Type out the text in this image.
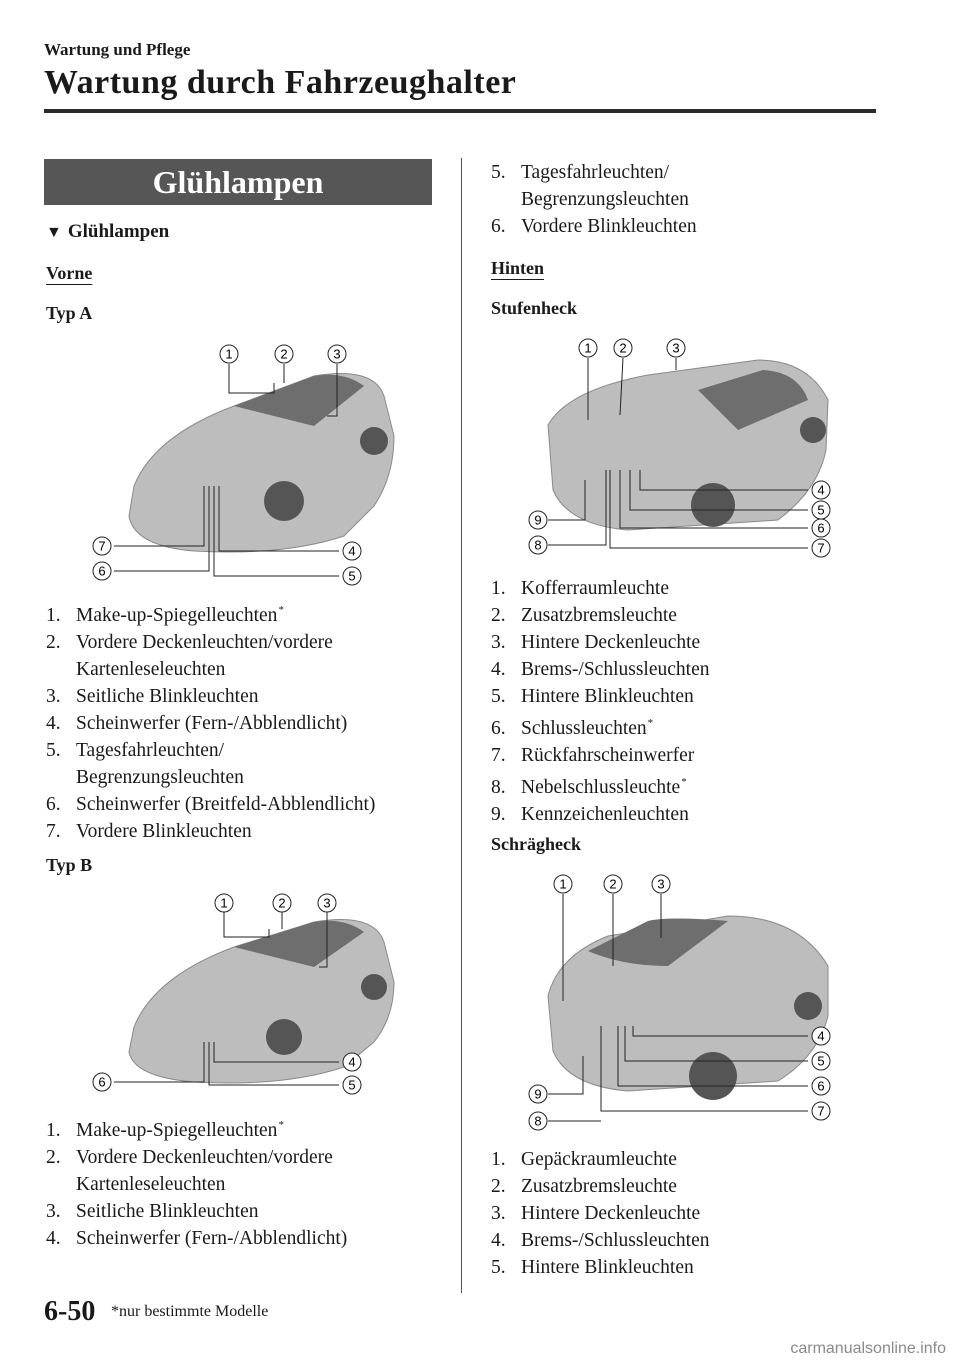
Wartung und Pflege
Wartung durch Fahrzeughalter
Glühlampen
▼ Glühlampen
Vorne
Typ A
1	2	3
4
5
6
7
1. Make-up-Spiegelleuchten*
2. Vordere Deckenleuchten/vordere
Kartenleseleuchten
3. Seitliche Blinkleuchten
4. Scheinwerfer (Fern-/Abblendlicht)
5. Tagesfahrleuchten/
Begrenzungsleuchten
6. Scheinwerfer (Breitfeld-Abblendlicht)
7. Vordere Blinkleuchten
Typ B
1	2	3
4
5
6
1. Make-up-Spiegelleuchten*
2. Vordere Deckenleuchten/vordere
Kartenleseleuchten
3. Seitliche Blinkleuchten
4. Scheinwerfer (Fern-/Abblendlicht)
5. Tagesfahrleuchten/
Begrenzungsleuchten
6. Vordere Blinkleuchten
Hinten
Stufenheck
1 2	3
4
5
6
7
8
9
1. Kofferraumleuchte
2. Zusatzbremsleuchte
3. Hintere Deckenleuchte
4. Brems-/Schlussleuchten
5. Hintere Blinkleuchten
6. Schlussleuchten*
7. Rückfahrscheinwerfer
8. Nebelschlussleuchte*
9. Kennzeichenleuchten
Schrägheck
1	2	3
4
5
6
7
8
9
1. Gepäckraumleuchte
2. Zusatzbremsleuchte
3. Hintere Deckenleuchte
4. Brems-/Schlussleuchten
5. Hintere Blinkleuchten
6-50 *nur bestimmte Modelle
carmanualsonline.info
